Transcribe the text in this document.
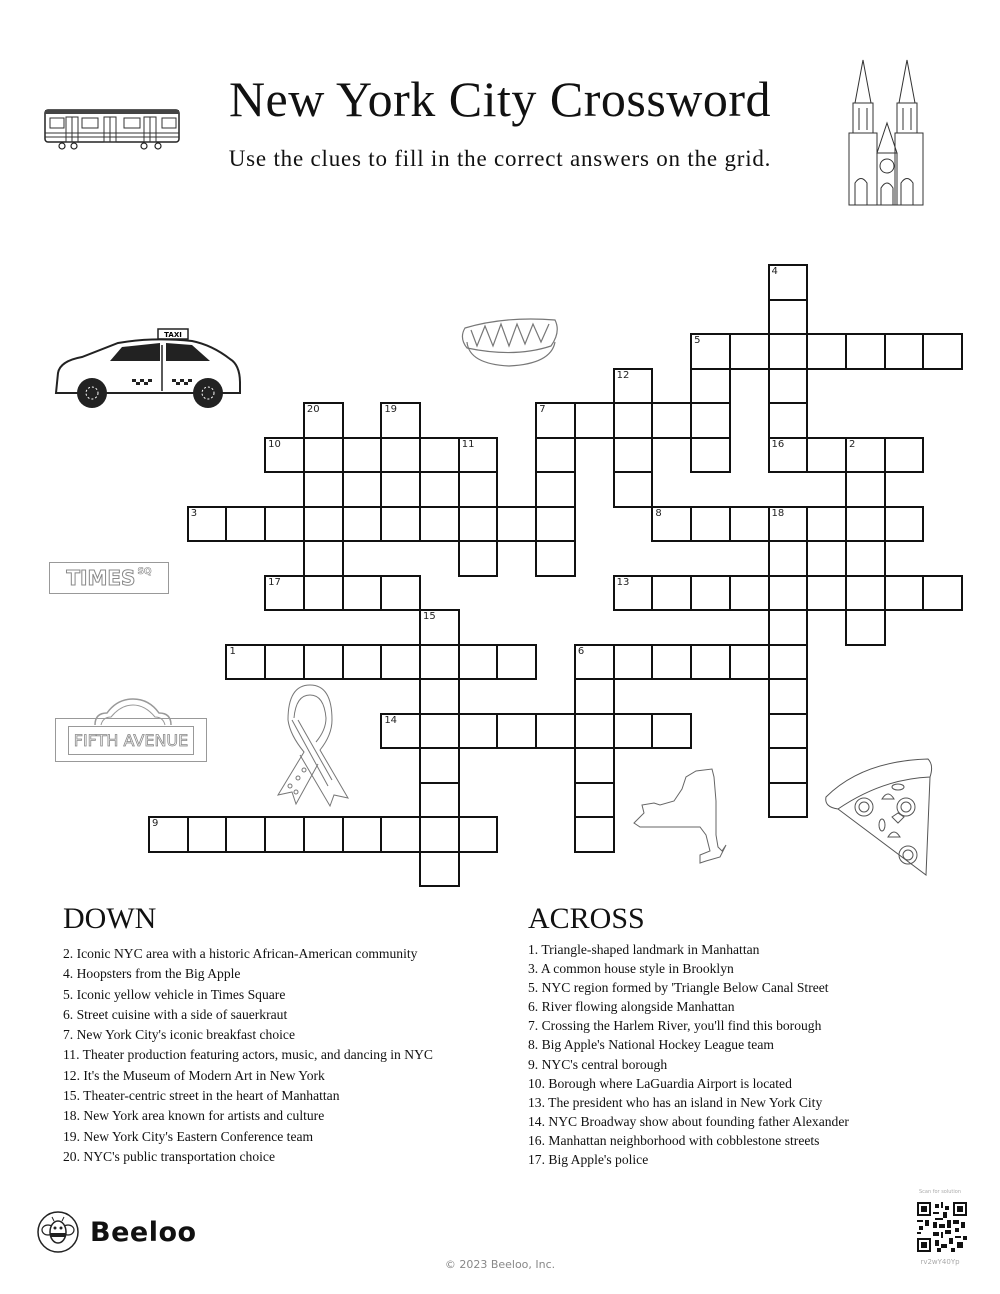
New York City Crossword
Use the clues to fill in the correct answers on the grid.
TAXI
TIMES SQ
FIFTH AVENUE
4
5
12
20	19	7
10	11	16	2
3	8	18
17	13
15
1	6
14
9
DOWN
2. Iconic NYC area with a historic African-American community
4. Hoopsters from the Big Apple
5. Iconic yellow vehicle in Times Square
6. Street cuisine with a side of sauerkraut
7. New York City's iconic breakfast choice
11. Theater production featuring actors, music, and dancing in NYC
12. It's the Museum of Modern Art in New York
15. Theater-centric street in the heart of Manhattan
18. New York area known for artists and culture
19. New York City's Eastern Conference team
20. NYC's public transportation choice
ACROSS
1. Triangle-shaped landmark in Manhattan
3. A common house style in Brooklyn
5. NYC region formed by 'Triangle Below Canal Street
6. River flowing alongside Manhattan
7. Crossing the Harlem River, you'll find this borough
8. Big Apple's National Hockey League team
9. NYC's central borough
10. Borough where LaGuardia Airport is located
13. The president who has an island in New York City
14. NYC Broadway show about founding father Alexander
16. Manhattan neighborhood with cobblestone streets
17. Big Apple's police
Beeloo
© 2023 Beeloo, Inc.
Scan for solution
rv2wY40Yp
